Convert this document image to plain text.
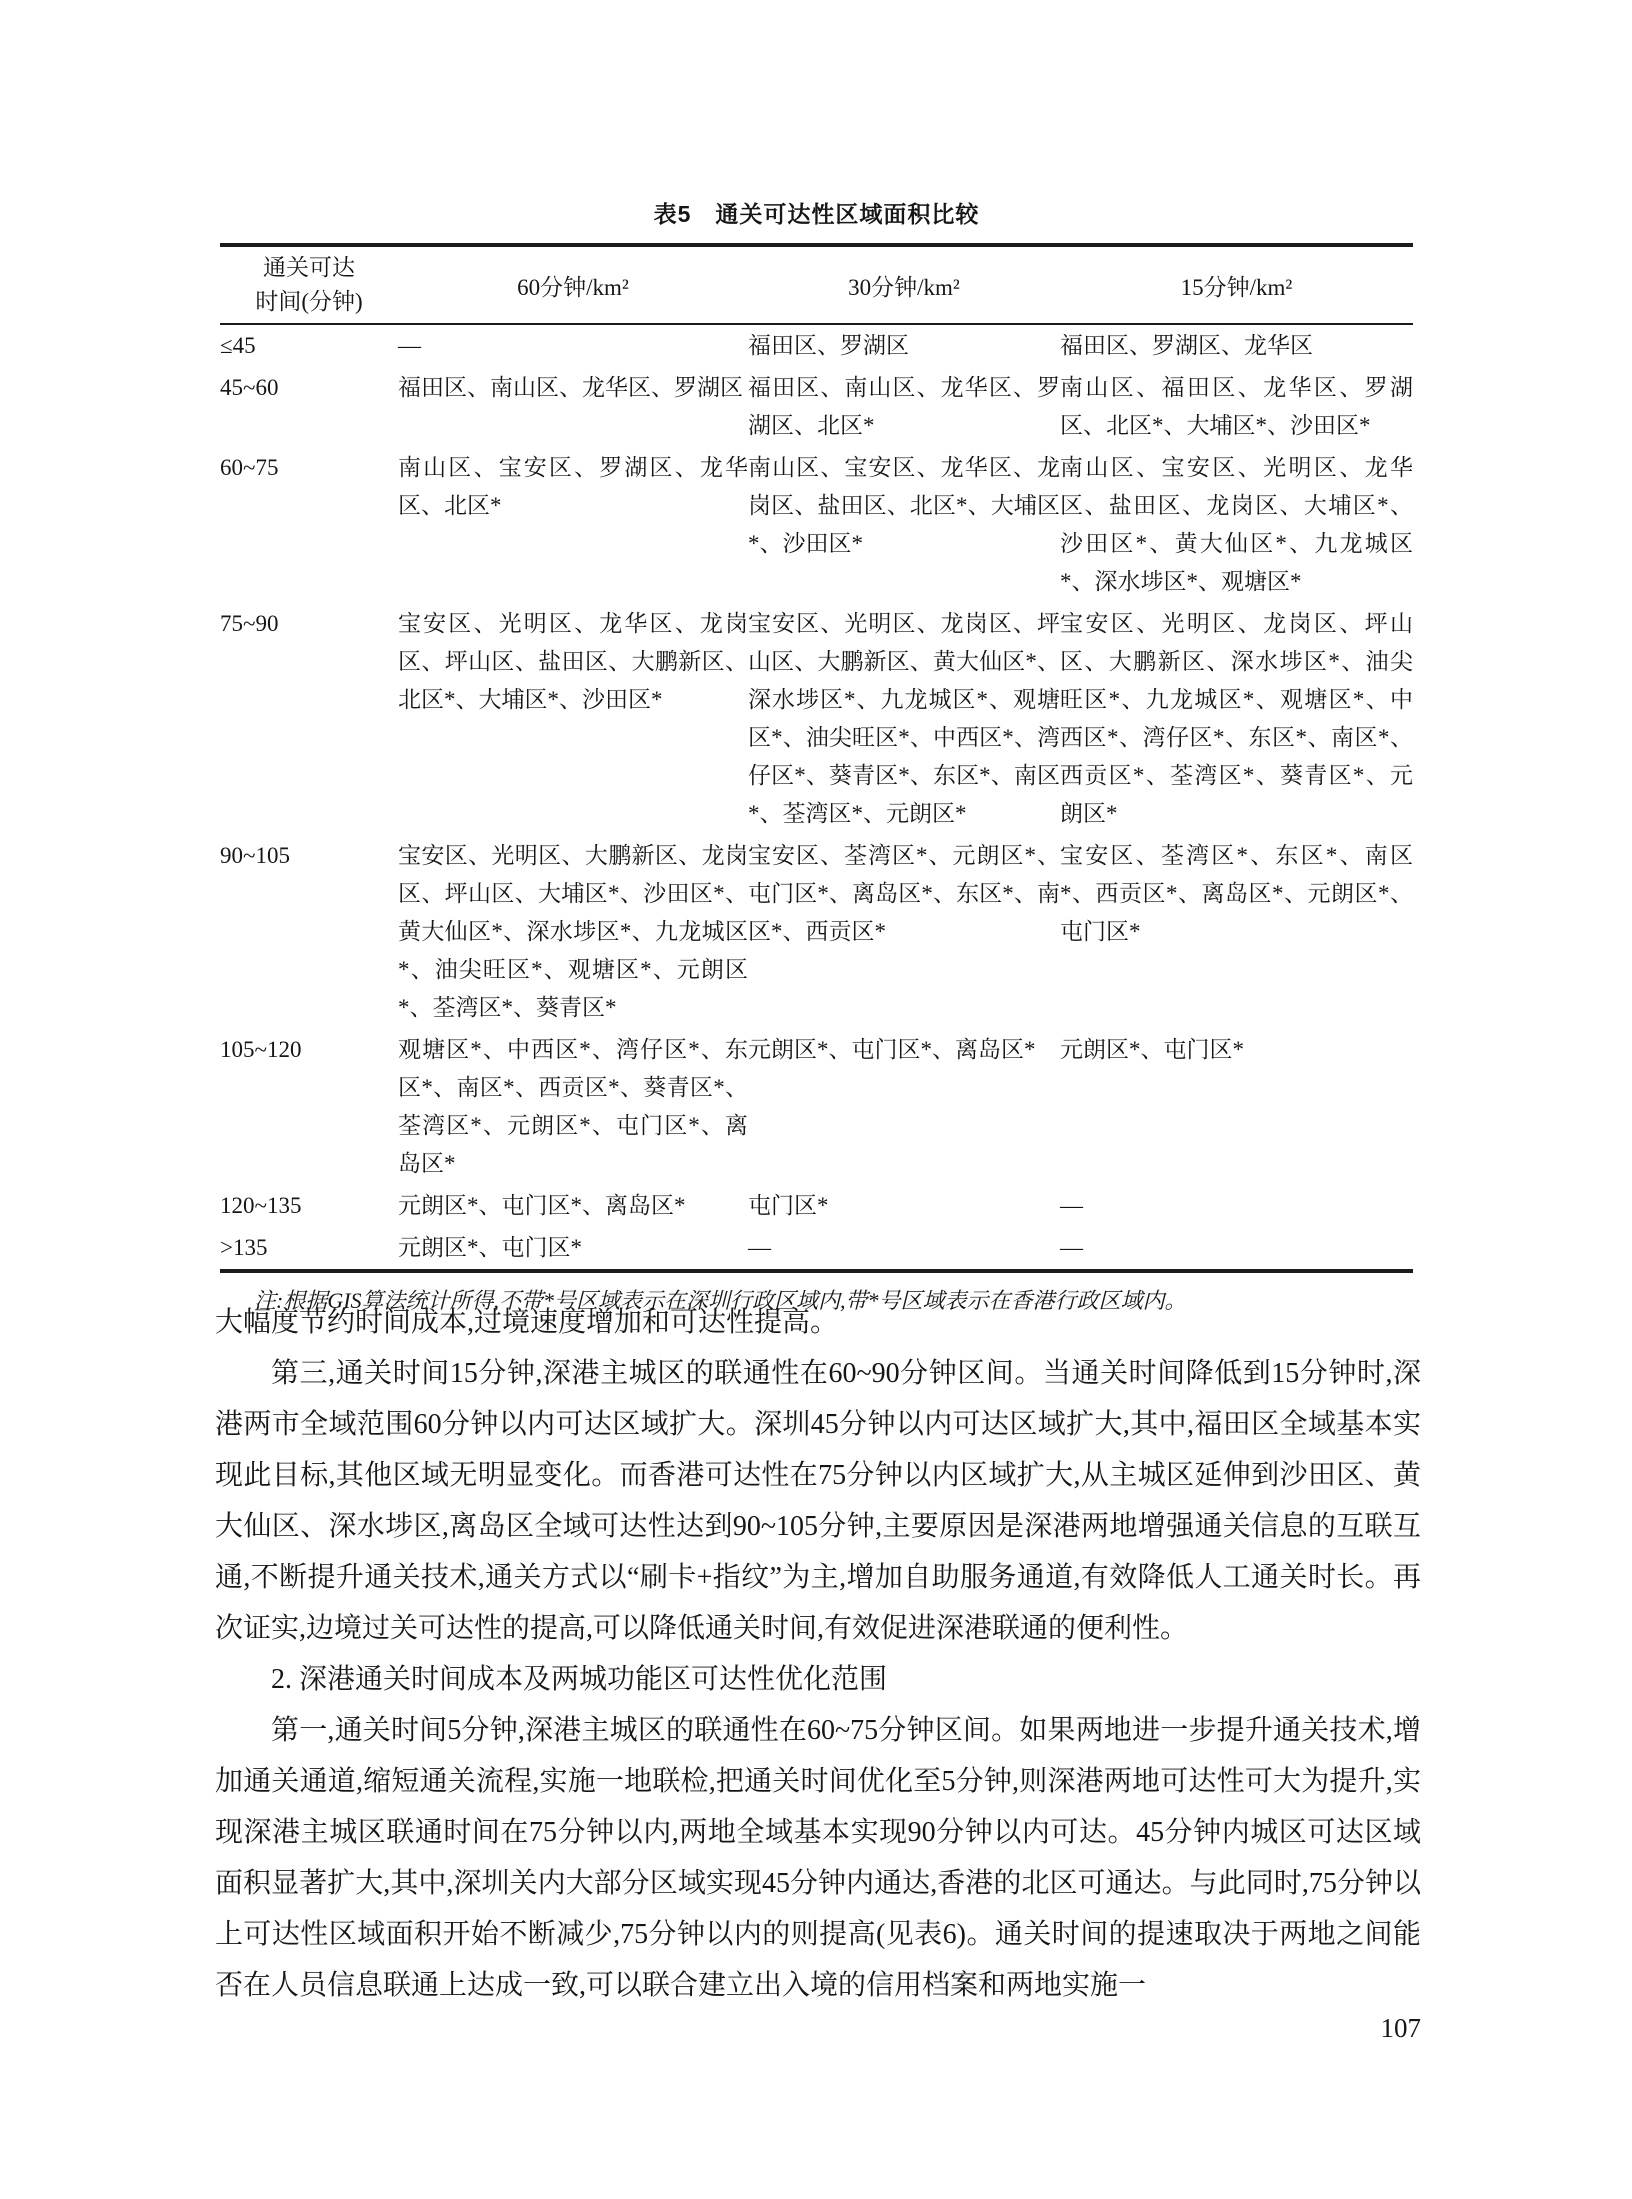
表5　通关可达性区域面积比较

通关可达
时间(分钟)	60分钟/km²	30分钟/km²	15分钟/km²
≤45	—	福田区、罗湖区	福田区、罗湖区、龙华区
45~60	福田区、南山区、龙华区、罗湖区	福田区、南山区、龙华区、罗湖区、北区*	南山区、福田区、龙华区、罗湖区、北区*、大埔区*、沙田区*
60~75	南山区、宝安区、罗湖区、龙华区、北区*	南山区、宝安区、龙华区、龙岗区、盐田区、北区*、大埔区*、沙田区*	南山区、宝安区、光明区、龙华区、盐田区、龙岗区、大埔区*、沙田区*、黄大仙区*、九龙城区*、深水埗区*、观塘区*
75~90	宝安区、光明区、龙华区、龙岗区、坪山区、盐田区、大鹏新区、北区*、大埔区*、沙田区*	宝安区、光明区、龙岗区、坪山区、大鹏新区、黄大仙区*、深水埗区*、九龙城区*、观塘区*、油尖旺区*、中西区*、湾仔区*、葵青区*、东区*、南区*、荃湾区*、元朗区*	宝安区、光明区、龙岗区、坪山区、大鹏新区、深水埗区*、油尖旺区*、九龙城区*、观塘区*、中西区*、湾仔区*、东区*、南区*、西贡区*、荃湾区*、葵青区*、元朗区*
90~105	宝安区、光明区、大鹏新区、龙岗区、坪山区、大埔区*、沙田区*、黄大仙区*、深水埗区*、九龙城区*、油尖旺区*、观塘区*、元朗区*、荃湾区*、葵青区*	宝安区、荃湾区*、元朗区*、屯门区*、离岛区*、东区*、南区*、西贡区*	宝安区、荃湾区*、东区*、南区*、西贡区*、离岛区*、元朗区*、屯门区*
105~120	观塘区*、中西区*、湾仔区*、东区*、南区*、西贡区*、葵青区*、荃湾区*、元朗区*、屯门区*、离岛区*	元朗区*、屯门区*、离岛区*	元朗区*、屯门区*
120~135	元朗区*、屯门区*、离岛区*	屯门区*	—
>135	元朗区*、屯门区*	—	—

注:根据GIS算法统计所得,不带*号区域表示在深圳行政区域内,带*号区域表示在香港行政区域内。

大幅度节约时间成本,过境速度增加和可达性提高。

第三,通关时间15分钟,深港主城区的联通性在60~90分钟区间。当通关时间降低到15分钟时,深港两市全域范围60分钟以内可达区域扩大。深圳45分钟以内可达区域扩大,其中,福田区全域基本实现此目标,其他区域无明显变化。而香港可达性在75分钟以内区域扩大,从主城区延伸到沙田区、黄大仙区、深水埗区,离岛区全域可达性达到90~105分钟,主要原因是深港两地增强通关信息的互联互通,不断提升通关技术,通关方式以“刷卡+指纹”为主,增加自助服务通道,有效降低人工通关时长。再次证实,边境过关可达性的提高,可以降低通关时间,有效促进深港联通的便利性。

2. 深港通关时间成本及两城功能区可达性优化范围

第一,通关时间5分钟,深港主城区的联通性在60~75分钟区间。如果两地进一步提升通关技术,增加通关通道,缩短通关流程,实施一地联检,把通关时间优化至5分钟,则深港两地可达性可大为提升,实现深港主城区联通时间在75分钟以内,两地全域基本实现90分钟以内可达。45分钟内城区可达区域面积显著扩大,其中,深圳关内大部分区域实现45分钟内通达,香港的北区可通达。与此同时,75分钟以上可达性区域面积开始不断减少,75分钟以内的则提高(见表6)。通关时间的提速取决于两地之间能否在人员信息联通上达成一致,可以联合建立出入境的信用档案和两地实施一

107
